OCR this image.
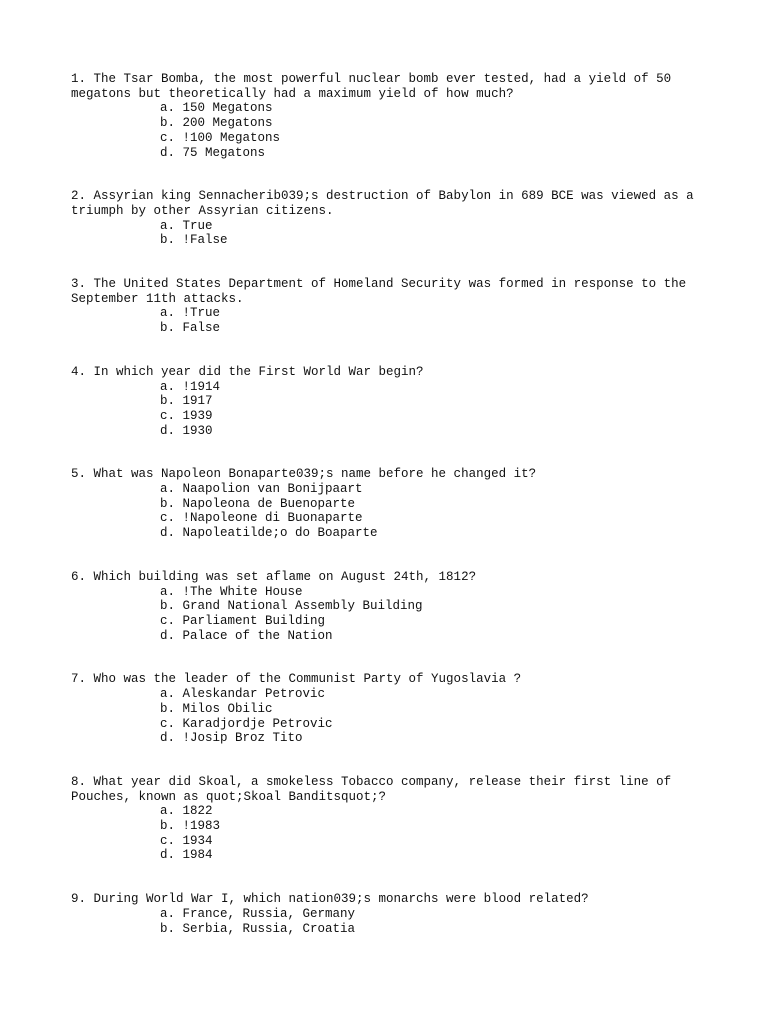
1. The Tsar Bomba, the most powerful nuclear bomb ever tested, had a yield of 50 megatons but theoretically had a maximum yield of how much?

a. 150 Megatons
b. 200 Megatons
c. !100 Megatons
d. 75 Megatons

2. Assyrian king Sennacherib039;s destruction of Babylon in 689 BCE was viewed as a triumph by other Assyrian citizens.

a. True
b. !False

3. The United States Department of Homeland Security was formed in response to the September 11th attacks.

a. !True
b. False

4. In which year did the First World War begin?

a. !1914
b. 1917
c. 1939
d. 1930

5. What was Napoleon Bonaparte039;s name before he changed it?

a. Naapolion van Bonijpaart
b. Napoleona de Buenoparte
c. !Napoleone di Buonaparte
d. Napoleatilde;o do Boaparte

6. Which building was set aflame on August 24th, 1812?

a. !The White House
b. Grand National Assembly Building
c. Parliament Building
d. Palace of the Nation

7. Who was the leader of the Communist Party of Yugoslavia ?

a. Aleskandar Petrovic
b. Milos Obilic
c. Karadjordje Petrovic
d. !Josip Broz Tito

8. What year did Skoal, a smokeless Tobacco company, release their first line of Pouches, known as quot;Skoal Banditsquot;?

a. 1822
b. !1983
c. 1934
d. 1984

9. During World War I, which nation039;s monarchs were blood related?

a. France, Russia, Germany
b. Serbia, Russia, Croatia
